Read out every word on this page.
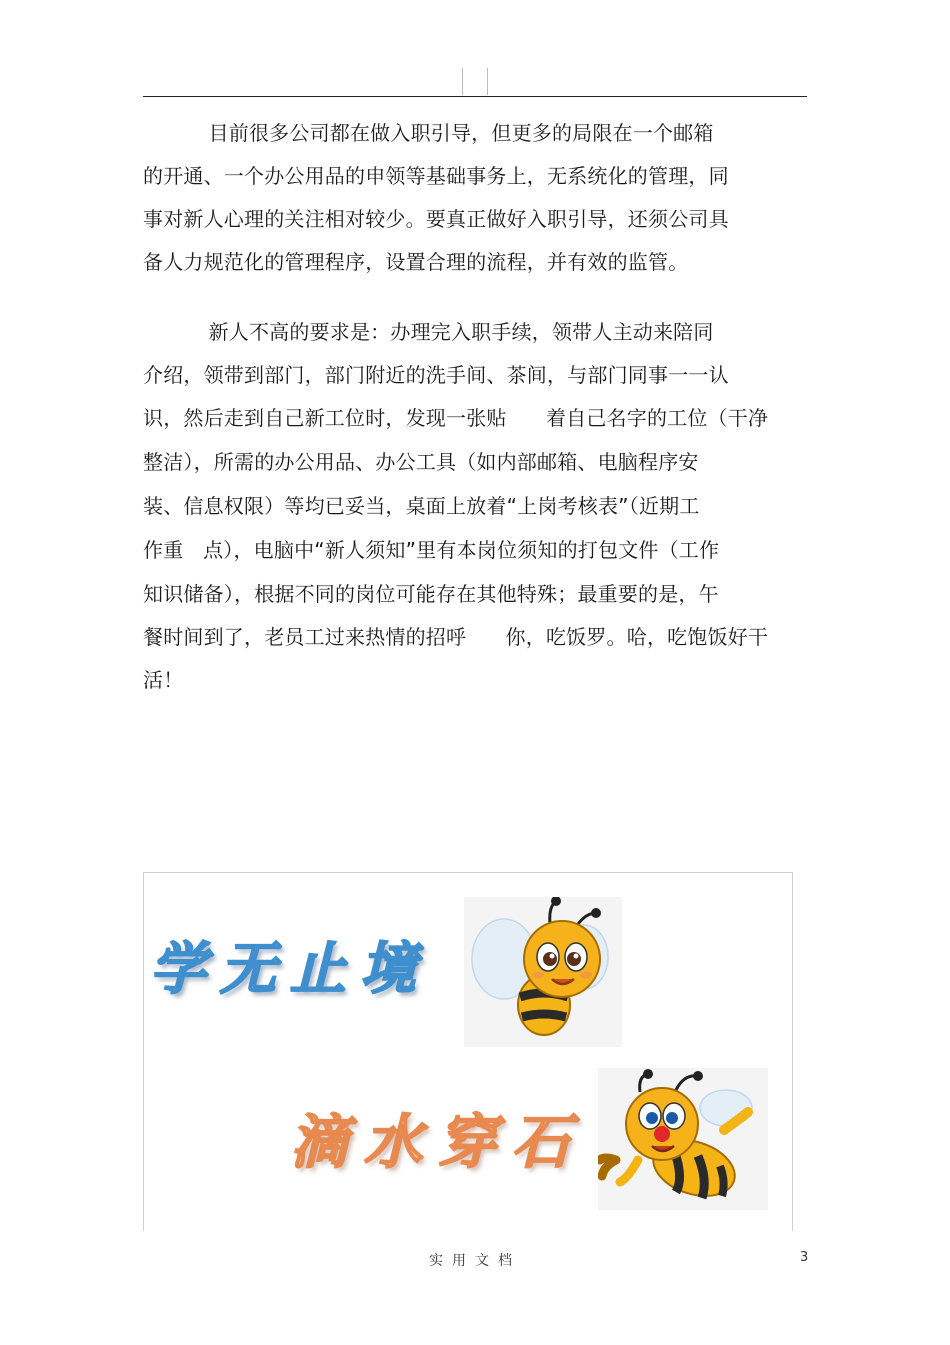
目前很多公司都在做入职引导，但更多的局限在一个邮箱

的开通、一个办公用品的申领等基础事务上，无系统化的管理，同

事对新人心理的关注相对较少。要真正做好入职引导，还须公司具

备人力规范化的管理程序，设置合理的流程，并有效的监管。

新人不高的要求是：办理完入职手续，领带人主动来陪同

介绍，领带到部门，部门附近的洗手间、茶间，与部门同事一一认

识，然后走到自己新工位时，发现一张贴      着自己名字的工位（干净

整洁），所需的办公用品、办公工具（如内部邮箱、电脑程序安

装、信息权限）等均已妥当，桌面上放着“上岗考核表”（近期工

作重   点），电脑中“新人须知”里有本岗位须知的打包文件（工作

知识储备），根据不同的岗位可能存在其他特殊；最重要的是，午

餐时间到了，老员工过来热情的招呼      你，吃饭罗。哈，吃饱饭好干

活！

学无止境
滴水穿石
实用文档	3
